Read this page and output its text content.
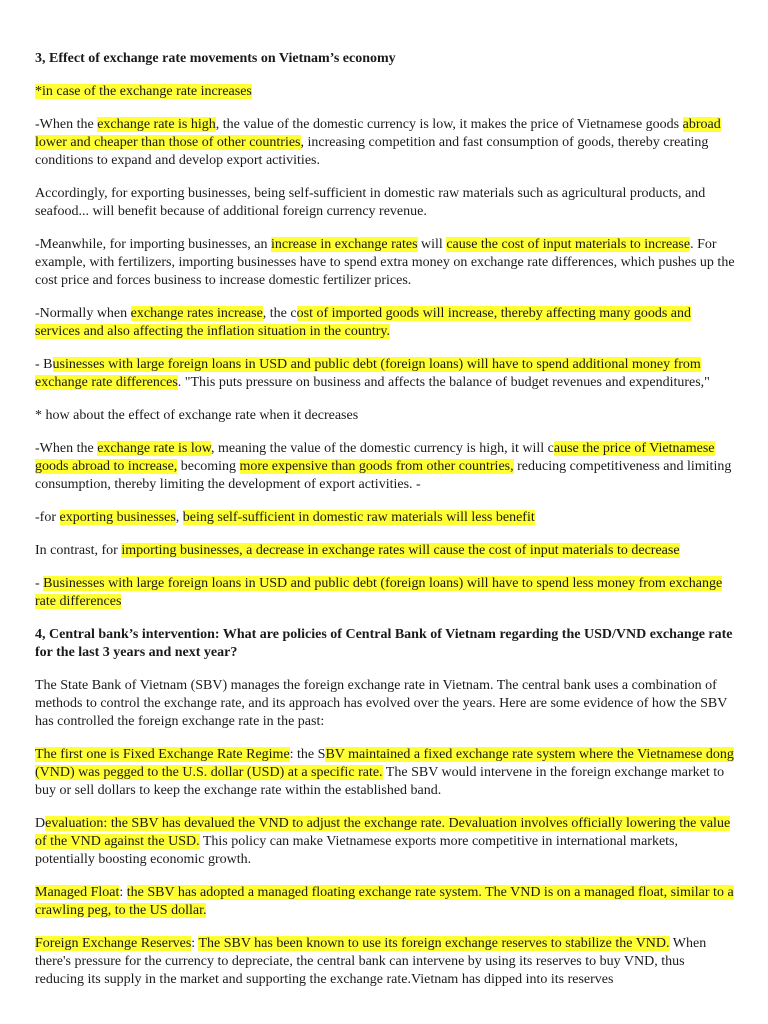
3, Effect of exchange rate movements on Vietnam’s economy

*in case of the exchange rate increases

-When the exchange rate is high, the value of the domestic currency is low, it makes the price of Vietnamese goods abroad lower and cheaper than those of other countries, increasing competition and fast consumption of goods, thereby creating conditions to expand and develop export activities.

Accordingly, for exporting businesses, being self-sufficient in domestic raw materials such as agricultural products, and seafood... will benefit because of additional foreign currency revenue.

-Meanwhile, for importing businesses, an increase in exchange rates will cause the cost of input materials to increase. For example, with fertilizers, importing businesses have to spend extra money on exchange rate differences, which pushes up the cost price and forces business to increase domestic fertilizer prices.

-Normally when exchange rates increase, the cost of imported goods will increase, thereby affecting many goods and services and also affecting the inflation situation in the country.

- Businesses with large foreign loans in USD and public debt (foreign loans) will have to spend additional money from exchange rate differences. "This puts pressure on business and affects the balance of budget revenues and expenditures,"

* how about the effect of exchange rate when it decreases

-When the exchange rate is low, meaning the value of the domestic currency is high, it will cause the price of Vietnamese goods abroad to increase, becoming more expensive than goods from other countries, reducing competitiveness and limiting consumption, thereby limiting the development of export activities. -

-for exporting businesses, being self-sufficient in domestic raw materials will less benefit

In contrast, for importing businesses, a decrease in exchange rates will cause the cost of input materials to decrease

- Businesses with large foreign loans in USD and public debt (foreign loans) will have to spend less money from exchange rate differences

4, Central bank’s intervention: What are policies of Central Bank of Vietnam regarding the USD/VND exchange rate for the last 3 years and next year?

The State Bank of Vietnam (SBV) manages the foreign exchange rate in Vietnam. The central bank uses a combination of methods to control the exchange rate, and its approach has evolved over the years. Here are some evidence of how the SBV has controlled the foreign exchange rate in the past:

The first one is Fixed Exchange Rate Regime: the SBV maintained a fixed exchange rate system where the Vietnamese dong (VND) was pegged to the U.S. dollar (USD) at a specific rate. The SBV would intervene in the foreign exchange market to buy or sell dollars to keep the exchange rate within the established band.

Devaluation: the SBV has devalued the VND to adjust the exchange rate. Devaluation involves officially lowering the value of the VND against the USD. This policy can make Vietnamese exports more competitive in international markets, potentially boosting economic growth.

Managed Float: the SBV has adopted a managed floating exchange rate system. The VND is on a managed float, similar to a crawling peg, to the US dollar.

Foreign Exchange Reserves: The SBV has been known to use its foreign exchange reserves to stabilize the VND. When there's pressure for the currency to depreciate, the central bank can intervene by using its reserves to buy VND, thus reducing its supply in the market and supporting the exchange rate.Vietnam has dipped into its reserves
